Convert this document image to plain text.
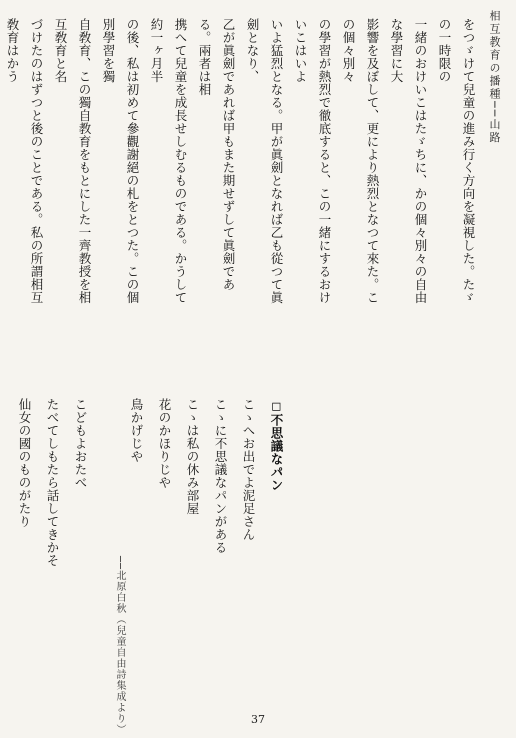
相互教育の播種──山路

をつゞけて兒童の進み行く方向を凝視した。たゞの一時限の

一緒のおけいこはたゞちに、かの個々別々の自由な學習に大

影響を及ぼして、更により熱烈となつて來た。この個々別々

の學習が熱烈で徹底すると、この一緒にするおけいこはいよ

いよ猛烈となる。甲が眞劍となれば乙も從つて眞劍となり、

乙が眞劍であれば甲もまた期せずして眞劍である。兩者は相

携へて兒童を成長せしむるものである。かうして約一ヶ月半

の後、私は初めて參觀謝絕の札をとつた。この個別學習を獨

自敎育、この獨自教育をもとにした一齊教授を相互敎育と名

づけたのはずつと後のことである。私の所謂相互敎育はかう

◻不思議なパン

こゝへお出でよ泥足さん

こゝに不思議なパンがある

こゝは私の休み部屋

花のかほりじや

鳥かげじや

こどもよおたべ

たべてしもたら話してきかそ

仙女の國のものがたり

──北原白秋（兒童自由詩集成より）	37
